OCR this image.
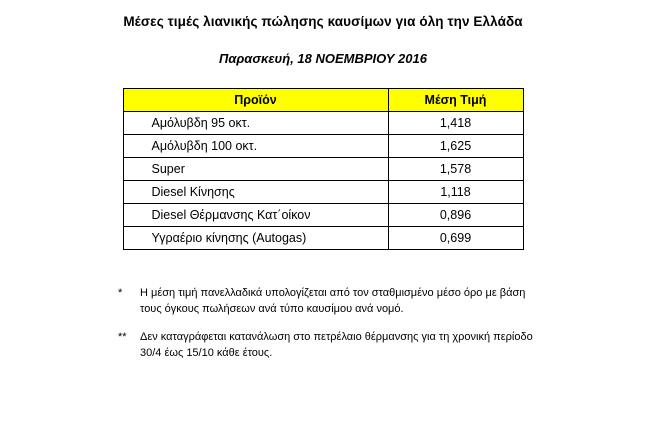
Μέσες τιμές λιανικής πώλησης καυσίμων για όλη την Ελλάδα
Παρασκευή, 18 ΝΟΕΜΒΡΙΟΥ 2016
Προϊόν	Μέση Τιμή
Αμόλυβδη 95 οκτ.	1,418
Αμόλυβδη 100 οκτ.	1,625
Super	1,578
Diesel Κίνησης	1,118
Diesel Θέρμανσης Κατ΄οίκον	0,896
Υγραέριο κίνησης (Autogas)	0,699
*	Η μέση τιμή πανελλαδικά υπολογίζεται από τον σταθμισμένο μέσο όρο με βάση τους όγκους πωλήσεων ανά τύπο καυσίμου ανά νομό.
**	Δεν καταγράφεται κατανάλωση στο πετρέλαιο θέρμανσης για τη χρονική περίοδο 30/4 έως 15/10 κάθε έτους.
